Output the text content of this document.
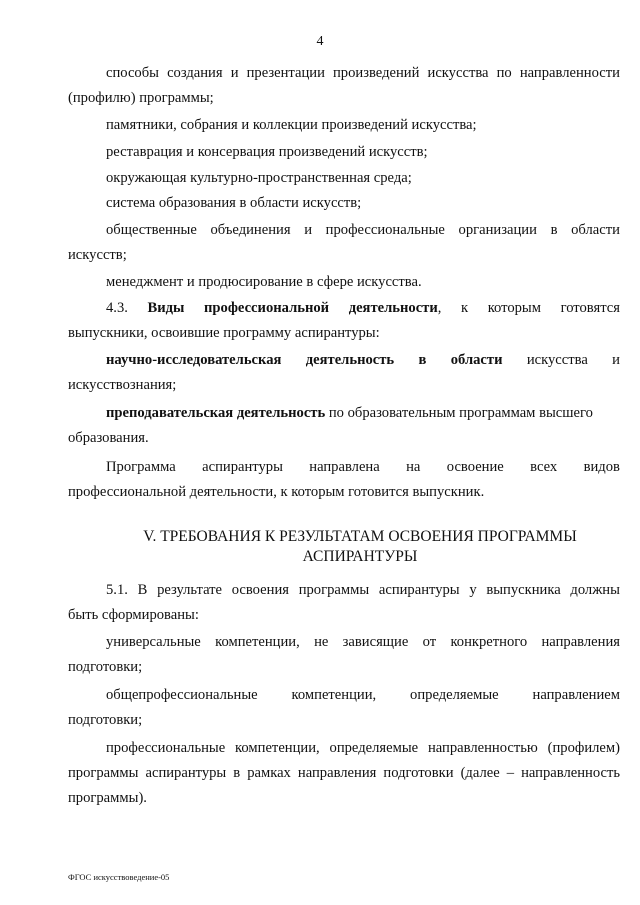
4
способы создания и презентации произведений искусства по направленности
(профилю) программы;
памятники, собрания и коллекции произведений искусства;
реставрация и консервация произведений искусств;
окружающая культурно-пространственная среда;
система образования в области искусств;
общественные объединения и профессиональные организации в области
искусств;
менеджмент и продюсирование в сфере искусства.
4.3. Виды профессиональной деятельности, к которым готовятся
выпускники, освоившие программу аспирантуры:
научно-исследовательская деятельность в области искусства и
искусствознания;
преподавательская деятельность по образовательным программам высшего
образования.
Программа аспирантуры направлена на освоение всех видов
профессиональной деятельности, к которым готовится выпускник.
V. ТРЕБОВАНИЯ К РЕЗУЛЬТАТАМ ОСВОЕНИЯ ПРОГРАММЫ
АСПИРАНТУРЫ
5.1. В результате освоения программы аспирантуры у выпускника должны
быть сформированы:
универсальные компетенции, не зависящие от конкретного направления
подготовки;
общепрофессиональные компетенции, определяемые направлением
подготовки;
профессиональные компетенции, определяемые направленностью (профилем)
программы аспирантуры в рамках направления подготовки (далее – направленность
программы).
ФГОС искусствоведение-05
